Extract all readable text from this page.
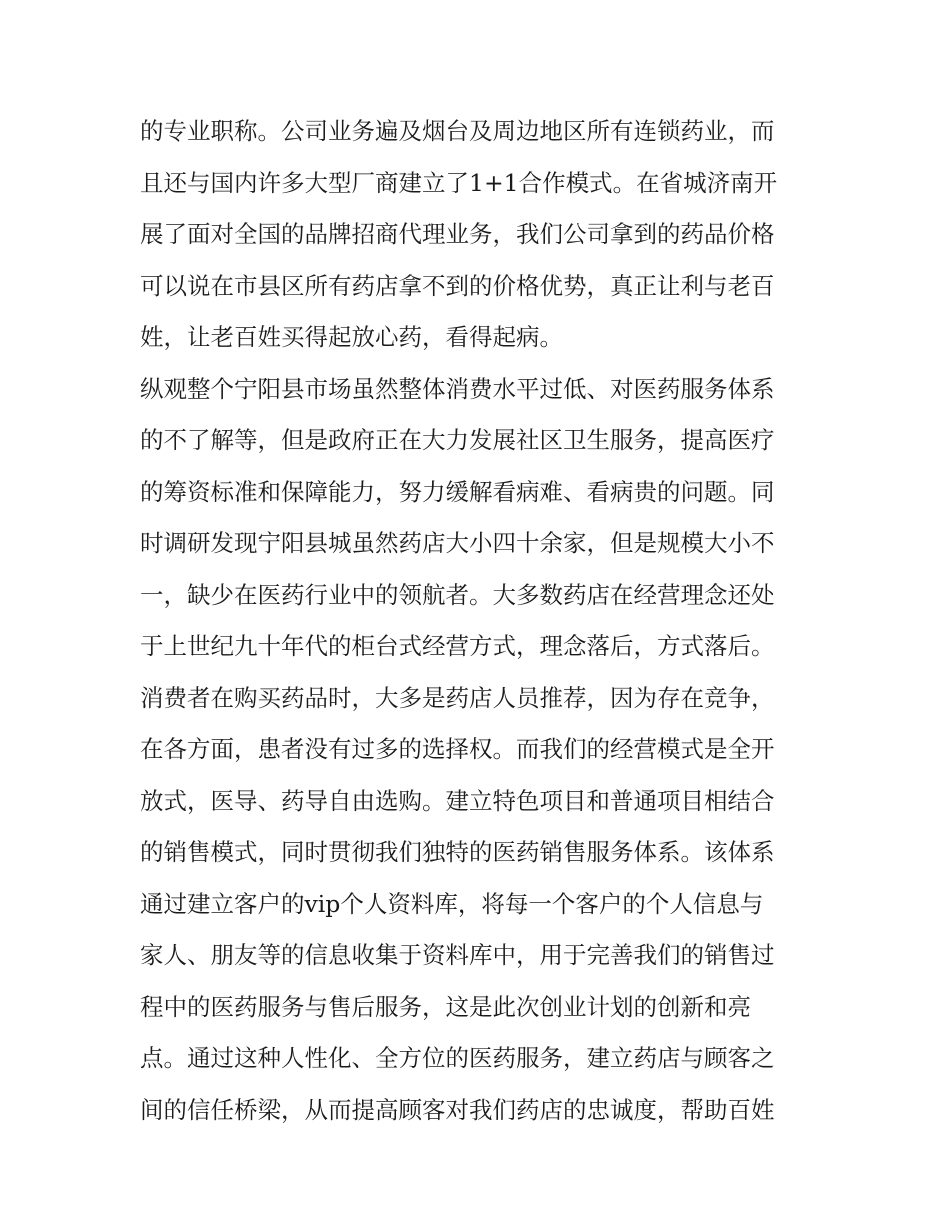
的专业职称。公司业务遍及烟台及周边地区所有连锁药业，而
且还与国内许多大型厂商建立了1+1合作模式。在省城济南开
展了面对全国的品牌招商代理业务，我们公司拿到的药品价格
可以说在市县区所有药店拿不到的价格优势，真正让利与老百
姓，让老百姓买得起放心药，看得起病。
纵观整个宁阳县市场虽然整体消费水平过低、对医药服务体系
的不了解等，但是政府正在大力发展社区卫生服务，提高医疗
的筹资标准和保障能力，努力缓解看病难、看病贵的问题。同
时调研发现宁阳县城虽然药店大小四十余家，但是规模大小不
一，缺少在医药行业中的领航者。大多数药店在经营理念还处
于上世纪九十年代的柜台式经营方式，理念落后，方式落后。
消费者在购买药品时，大多是药店人员推荐，因为存在竞争，
在各方面，患者没有过多的选择权。而我们的经营模式是全开
放式，医导、药导自由选购。建立特色项目和普通项目相结合
的销售模式，同时贯彻我们独特的医药销售服务体系。该体系
通过建立客户的vip个人资料库，将每一个客户的个人信息与
家人、朋友等的信息收集于资料库中，用于完善我们的销售过
程中的医药服务与售后服务，这是此次创业计划的创新和亮
点。通过这种人性化、全方位的医药服务，建立药店与顾客之
间的信任桥梁，从而提高顾客对我们药店的忠诚度，帮助百姓
